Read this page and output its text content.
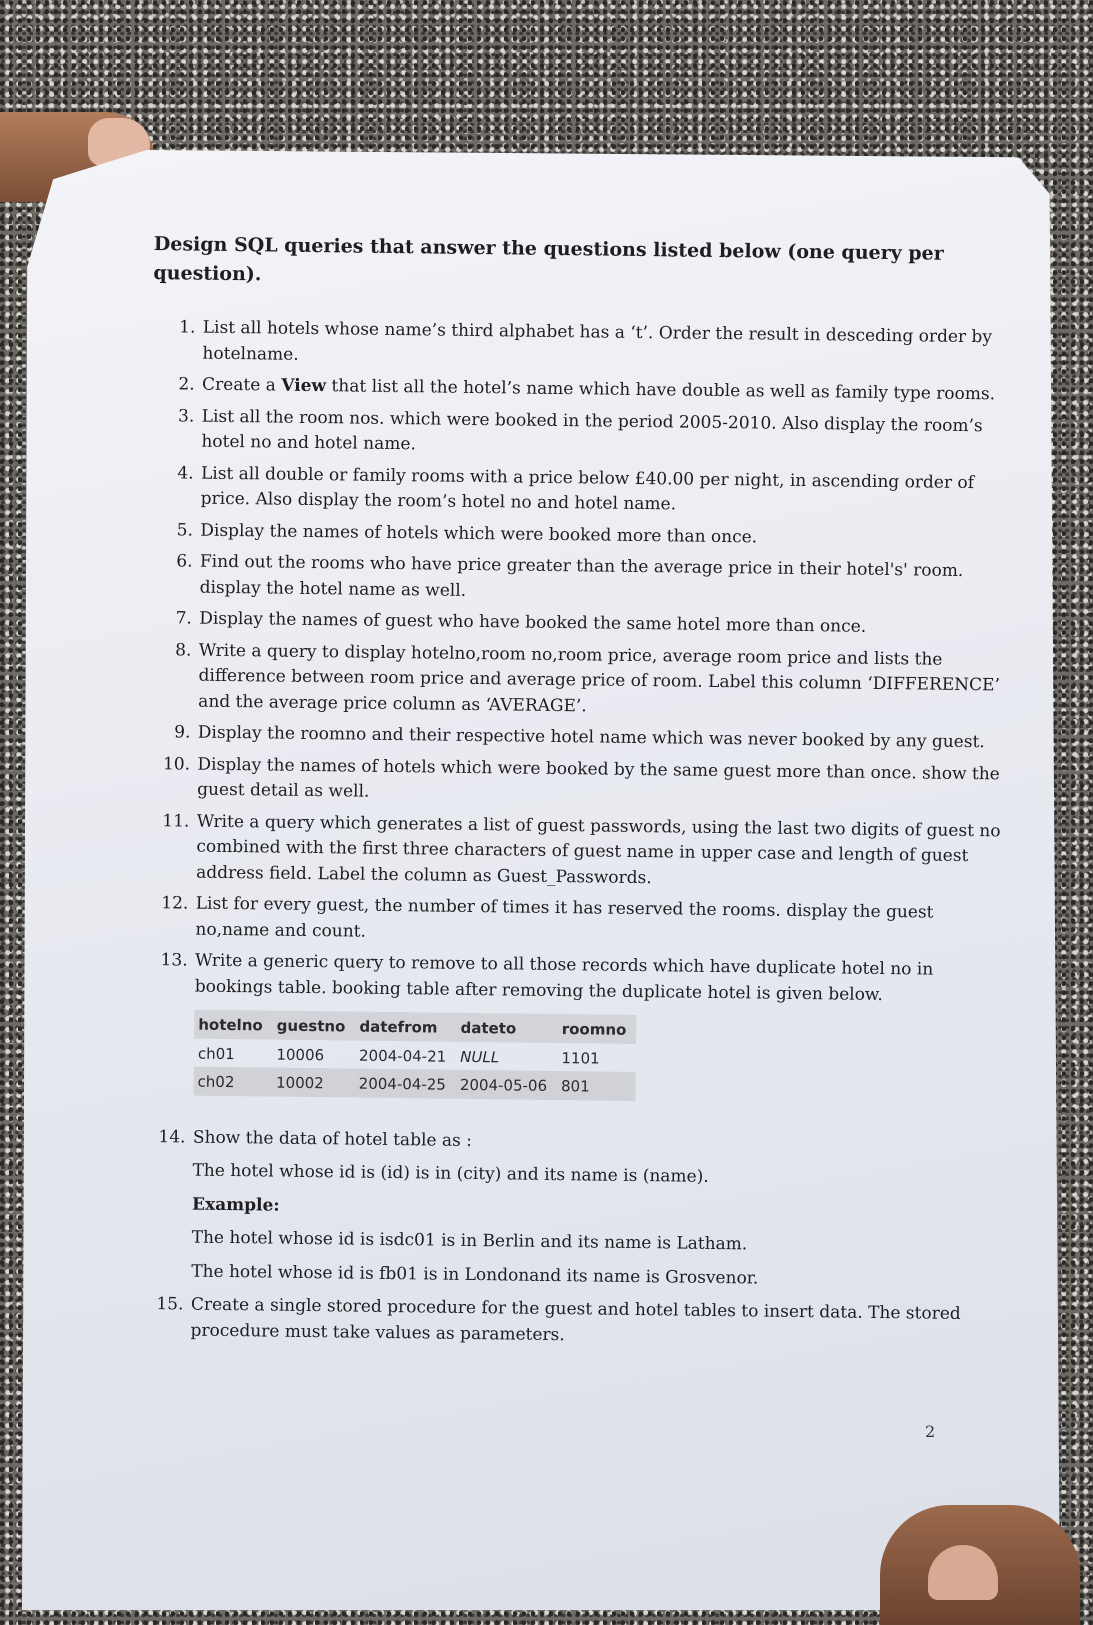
Design SQL queries that answer the questions listed below (one query per question).
1. List all hotels whose name’s third alphabet has a ‘t’. Order the result in desceding order by hotelname.
2. Create a View that list all the hotel’s name which have double as well as family type rooms.
3. List all the room nos. which were booked in the period 2005-2010. Also display the room’s hotel no and hotel name.
4. List all double or family rooms with a price below £40.00 per night, in ascending order of price. Also display the room’s hotel no and hotel name.
5. Display the names of hotels which were booked more than once.
6. Find out the rooms who have price greater than the average price in their hotel's' room. display the hotel name as well.
7. Display the names of guest who have booked the same hotel more than once.
8. Write a query to display hotelno,room no,room price, average room price and lists the difference between room price and average price of room. Label this column ‘DIFFERENCE’ and the average price column as ‘AVERAGE’.
9. Display the roomno and their respective hotel name which was never booked by any guest.
10. Display the names of hotels which were booked by the same guest more than once. show the guest detail as well.
11. Write a query which generates a list of guest passwords, using the last two digits of guest no combined with the first three characters of guest name in upper case and length of guest address field. Label the column as Guest_Passwords.
12. List for every guest, the number of times it has reserved the rooms. display the guest no,name and count.
13. Write a generic query to remove to all those records which have duplicate hotel no in bookings table. booking table after removing the duplicate hotel is given below.
hotelno	guestno	datefrom	dateto	roomno
ch01	10006	2004-04-21	NULL	1101
ch02	10002	2004-04-25	2004-05-06	801
14. Show the data of hotel table as :

The hotel whose id is (id) is in (city) and its name is (name).

Example:

The hotel whose id is isdc01 is in Berlin and its name is Latham.

The hotel whose id is fb01 is in Londonand its name is Grosvenor.

15. Create a single stored procedure for the guest and hotel tables to insert data. The stored procedure must take values as parameters.
2
